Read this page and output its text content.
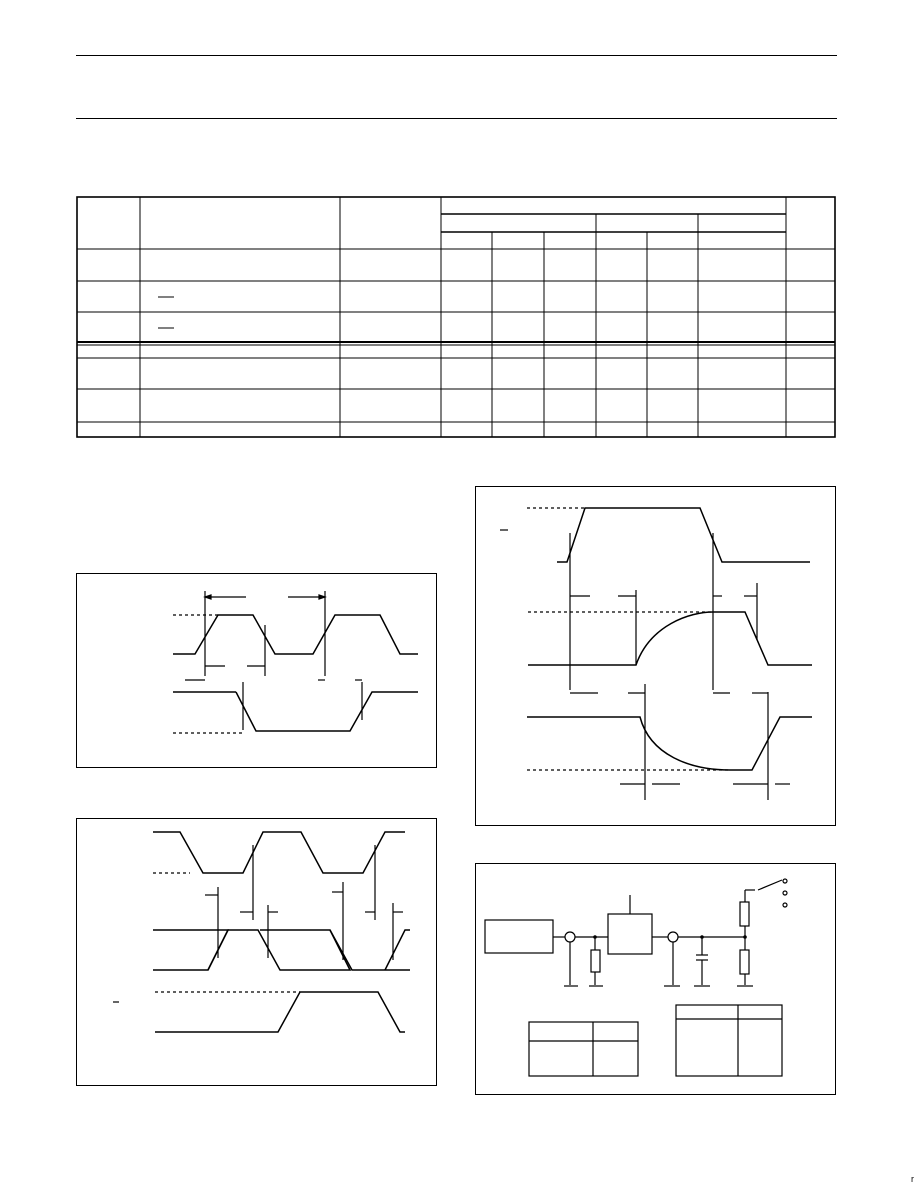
r
